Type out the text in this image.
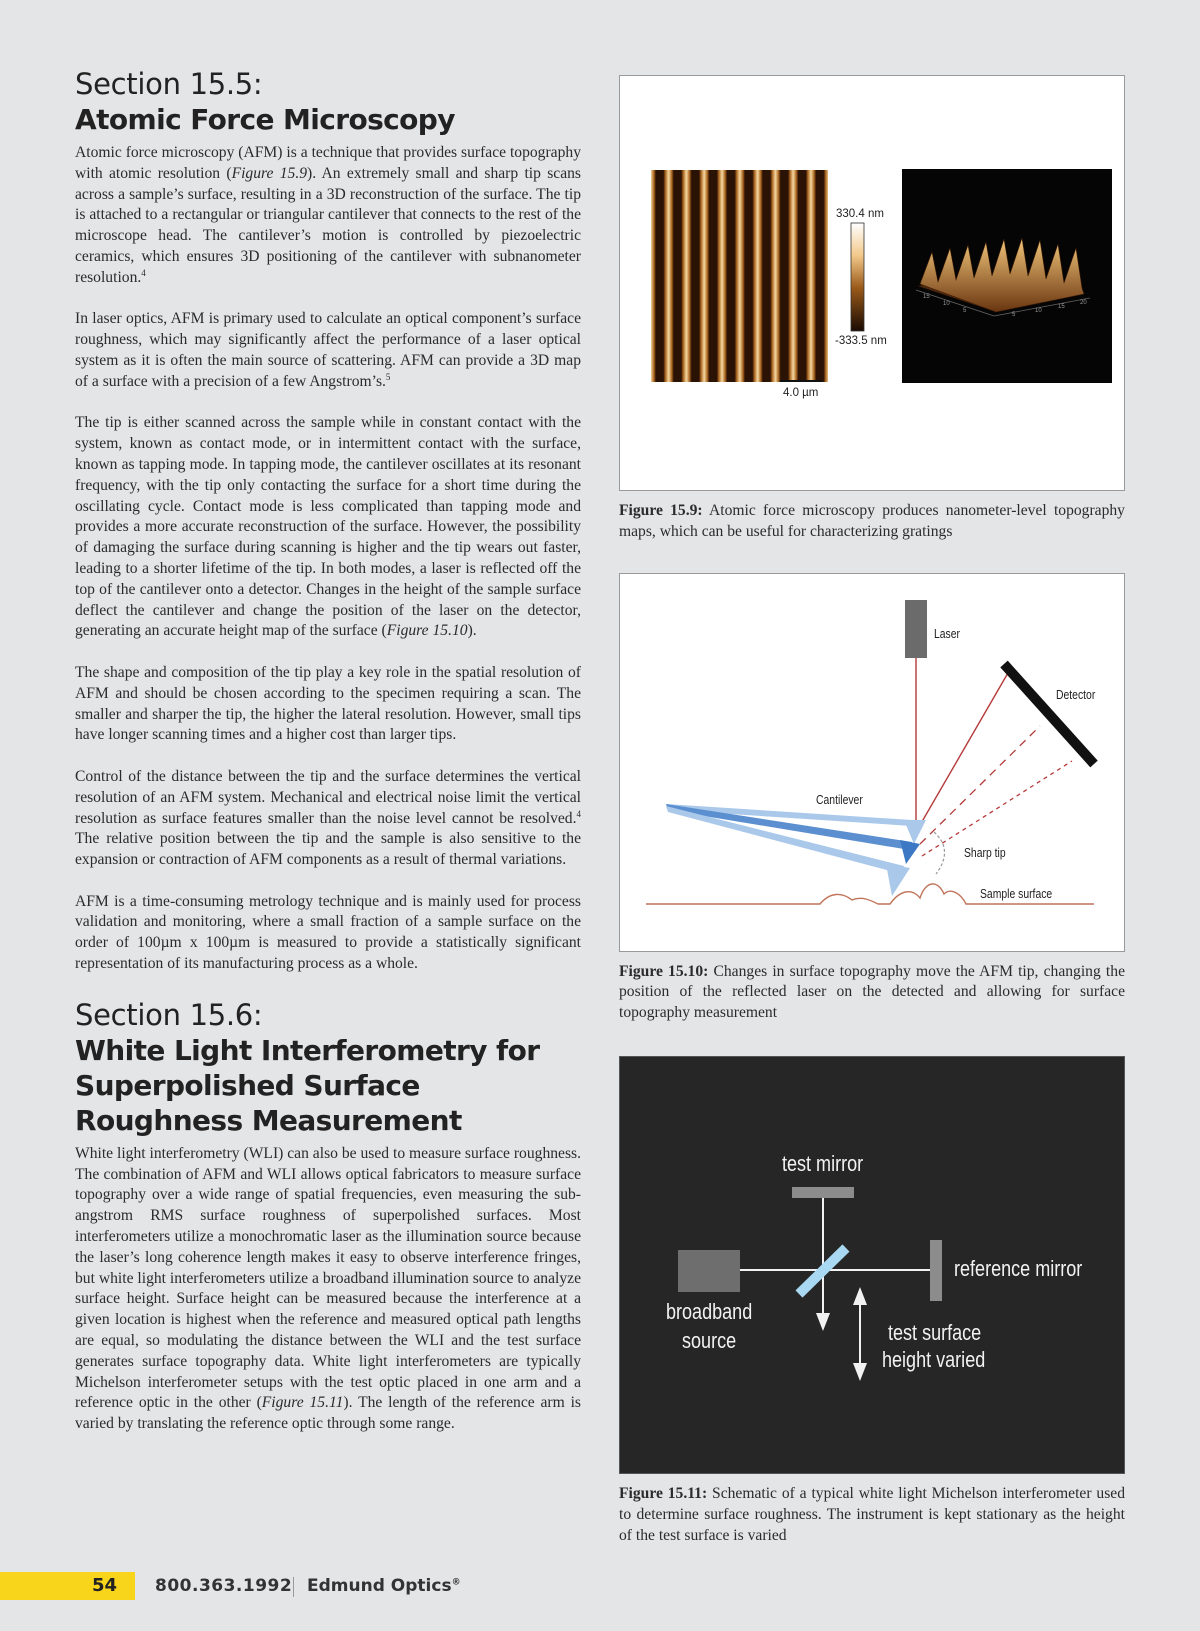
Section 15.5:
Atomic Force Microscopy

Atomic force microscopy (AFM) is a technique that provides surface topography with atomic resolution (Figure 15.9). An extremely small and sharp tip scans across a sample’s surface, resulting in a 3D reconstruction of the surface. The tip is attached to a rectangular or triangular cantilever that connects to the rest of the microscope head. The cantilever’s motion is controlled by piezoelectric ceramics, which ensures 3D positioning of the cantilever with subnanometer resolution.$^4$

In laser optics, AFM is primary used to calculate an optical component’s surface roughness, which may significantly affect the performance of a laser optical system as it is often the main source of scattering. AFM can provide a 3D map of a surface with a precision of a few Angstrom’s.$^5$

The tip is either scanned across the sample while in constant contact with the system, known as contact mode, or in intermittent contact with the surface, known as tapping mode. In tapping mode, the cantilever oscillates at its resonant frequency, with the tip only contacting the surface for a short time during the oscillating cycle. Contact mode is less complicated than tapping mode and provides a more accurate reconstruction of the surface. However, the possibility of damaging the surface during scanning is higher and the tip wears out faster, leading to a shorter lifetime of the tip. In both modes, a laser is reflected off the top of the cantilever onto a detector. Changes in the height of the sample surface deflect the cantilever and change the position of the laser on the detector, generating an accurate height map of the surface (Figure 15.10).

The shape and composition of the tip play a key role in the spatial resolution of AFM and should be chosen according to the specimen requiring a scan. The smaller and sharper the tip, the higher the lateral resolution. However, small tips have longer scanning times and a higher cost than larger tips.

Control of the distance between the tip and the surface determines the vertical resolution of an AFM system. Mechanical and electrical noise limit the vertical resolution as surface features smaller than the noise level cannot be resolved.$^4$ The relative position between the tip and the sample is also sensitive to the expansion or contraction of AFM components as a result of thermal variations.

AFM is a time-consuming metrology technique and is mainly used for process validation and monitoring, where a small fraction of a sample surface on the order of 100µm x 100µm is measured to provide a statistically significant representation of its manufacturing process as a whole.

Section 15.6:
White Light Interferometry for Superpolished Surface Roughness Measurement

White light interferometry (WLI) can also be used to measure surface roughness. The combination of AFM and WLI allows optical fabricators to measure surface topography over a wide range of spatial frequencies, even measuring the sub-angstrom RMS surface roughness of superpolished surfaces. Most interferometers utilize a monochromatic laser as the illumination source because the laser’s long coherence length makes it easy to observe interference fringes, but white light interferometers utilize a broadband illumination source to analyze surface height. Surface height can be measured because the interference at a given location is highest when the reference and measured optical path lengths are equal, so modulating the distance between the WLI and the test surface generates surface topography data. White light interferometers are typically Michelson interferometer setups with the test optic placed in one arm and a reference optic in the other (Figure 15.11). The length of the reference arm is varied by translating the reference optic through some range.

330.4 nm
-333.5 nm
4.0 µm
15
10
5
5
10
15
20

Figure 15.9: Atomic force microscopy produces nanometer-level topography maps, which can be useful for characterizing gratings

Laser
Detector
Cantilever
Sharp tip
Sample surface

Figure 15.10: Changes in surface topography move the AFM tip, changing the position of the reflected laser on the detected and allowing for surface topography measurement

test mirror
reference mirror
broadband
source	test surface
height varied

Figure 15.11: Schematic of a typical white light Michelson interferometer used to determine surface roughness. The instrument is kept stationary as the height of the test surface is varied

54 800.363.1992 Edmund Optics®
